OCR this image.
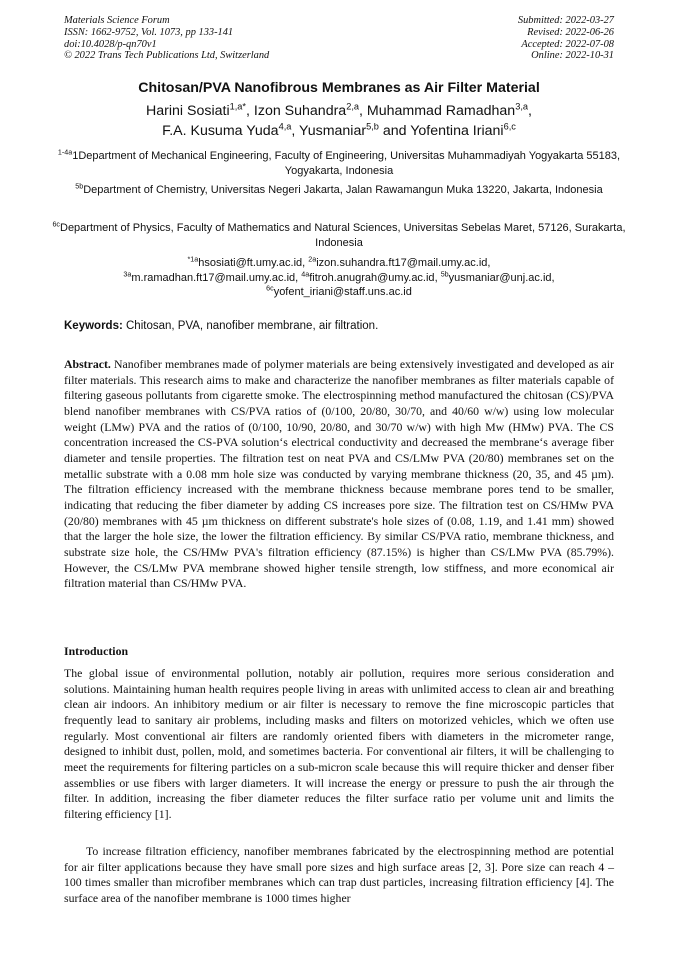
Materials Science Forum
ISSN: 1662-9752, Vol. 1073, pp 133-141
doi:10.4028/p-qn70v1
© 2022 Trans Tech Publications Ltd, Switzerland
Submitted: 2022-03-27
Revised: 2022-06-26
Accepted: 2022-07-08
Online: 2022-10-31
Chitosan/PVA Nanofibrous Membranes as Air Filter Material
Harini Sosiati$^{1,a*}$, Izon Suhandra$^{2,a}$, Muhammad Ramadhan$^{3,a}$,
F.A. Kusuma Yuda$^{4,a}$, Yusmaniar$^{5,b}$ and Yofentina Iriani$^{6,c}$
$^{1-4a}$1Department of Mechanical Engineering, Faculty of Engineering, Universitas Muhammadiyah Yogyakarta 55183, Yogyakarta, Indonesia
$^{5b}$Department of Chemistry, Universitas Negeri Jakarta, Jalan Rawamangun Muka 13220, Jakarta, Indonesia
$^{6c}$Department of Physics, Faculty of Mathematics and Natural Sciences, Universitas Sebelas Maret, 57126, Surakarta, Indonesia
$^{*1a}$hsosiati@ft.umy.ac.id, $^{2a}$izon.suhandra.ft17@mail.umy.ac.id,
$^{3a}$m.ramadhan.ft17@mail.umy.ac.id, $^{4a}$fitroh.anugrah@umy.ac.id, $^{5b}$yusmaniar@unj.ac.id,
$^{6c}$yofent_iriani@staff.uns.ac.id
Keywords: Chitosan, PVA, nanofiber membrane, air filtration.
Abstract. Nanofiber membranes made of polymer materials are being extensively investigated and developed as air filter materials. This research aims to make and characterize the nanofiber membranes as filter materials capable of filtering gaseous pollutants from cigarette smoke. The electrospinning method manufactured the chitosan (CS)/PVA blend nanofiber membranes with CS/PVA ratios of (0/100, 20/80, 30/70, and 40/60 w/w) using low molecular weight (LMw) PVA and the ratios of (0/100, 10/90, 20/80, and 30/70 w/w) with high Mw (HMw) PVA. The CS concentration increased the CS-PVA solution‘s electrical conductivity and decreased the membrane‘s average fiber diameter and tensile properties. The filtration test on neat PVA and CS/LMw PVA (20/80) membranes set on the metallic substrate with a 0.08 mm hole size was conducted by varying membrane thickness (20, 35, and 45 µm). The filtration efficiency increased with the membrane thickness because membrane pores tend to be smaller, indicating that reducing the fiber diameter by adding CS increases pore size. The filtration test on CS/HMw PVA (20/80) membranes with 45 µm thickness on different substrate's hole sizes of (0.08, 1.19, and 1.41 mm) showed that the larger the hole size, the lower the filtration efficiency. By similar CS/PVA ratio, membrane thickness, and substrate size hole, the CS/HMw PVA's filtration efficiency (87.15%) is higher than CS/LMw PVA (85.79%). However, the CS/LMw PVA membrane showed higher tensile strength, low stiffness, and more economical air filtration material than CS/HMw PVA.
Introduction
The global issue of environmental pollution, notably air pollution, requires more serious consideration and solutions. Maintaining human health requires people living in areas with unlimited access to clean air and breathing clean air indoors. An inhibitory medium or air filter is necessary to remove the fine microscopic particles that frequently lead to sanitary air problems, including masks and filters on motorized vehicles, which we often use regularly. Most conventional air filters are randomly oriented fibers with diameters in the micrometer range, designed to inhibit dust, pollen, mold, and sometimes bacteria. For conventional air filters, it will be challenging to meet the requirements for filtering particles on a sub-micron scale because this will require thicker and denser fiber assemblies or use fibers with larger diameters. It will increase the energy or pressure to push the air through the filter. In addition, increasing the fiber diameter reduces the filter surface ratio per volume unit and limits the filtering efficiency [1].
To increase filtration efficiency, nanofiber membranes fabricated by the electrospinning method are potential for air filter applications because they have small pore sizes and high surface areas [2, 3]. Pore size can reach 4 – 100 times smaller than microfiber membranes which can trap dust particles, increasing filtration efficiency [4]. The surface area of the nanofiber membrane is 1000 times higher
